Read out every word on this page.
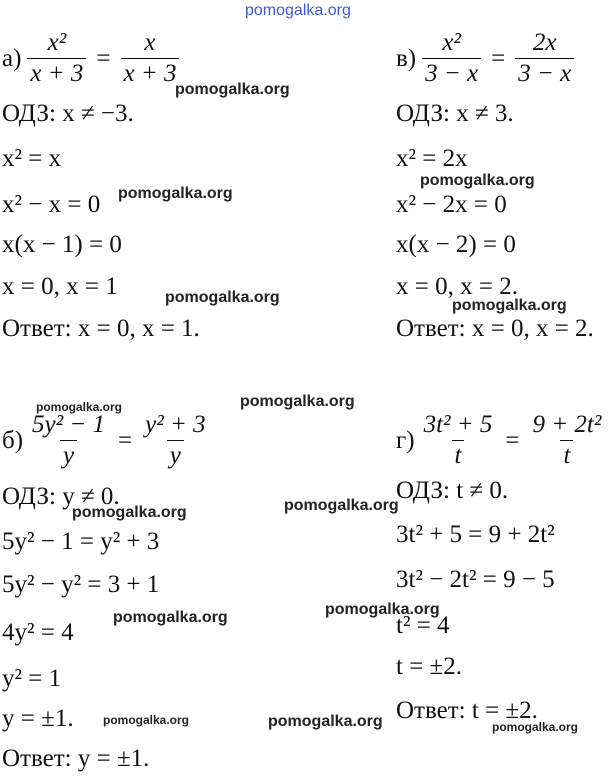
pomogalka.org
pomogalka.org
pomogalka.org
pomogalka.org
pomogalka.org	pomogalka.org
pomogalka.org
pomogalka.org
pomogalka.org	pomogalka.org
pomogalka.org	pomogalka.org
pomogalka.org	pomogalka.org	pomogalka.org
$а) \frac{\text{x²}}{x + 3} = \frac{x}{x + 3}$
ОДЗ: x ≠ −3.
x² = x
x² − x = 0
x(x − 1) = 0
x = 0, x = 1
Ответ: x = 0, x = 1.
$в) \frac{\text{x²}}{3 - x} = \frac{2x}{3 - x}$
ОДЗ: x ≠ 3.
x² = 2x
x² − 2x = 0
x(x − 2) = 0
x = 0, x = 2.
Ответ: x = 0, x = 2.
$б) \frac{\text{5y² − 1}}{y} = \frac{\text{y² + 3}}{y}$
ОДЗ: y ≠ 0.
5y² − 1 = y² + 3
5y² − y² = 3 + 1
4y² = 4
y² = 1
y = ±1.
Ответ: y = ±1.
$г) \frac{\text{3t² + 5}}{t} = \frac{\text{9 + 2t²}}{t}$
ОДЗ: t ≠ 0.
3t² + 5 = 9 + 2t²
3t² − 2t² = 9 − 5
t² = 4
t = ±2.
Ответ: t = ±2.
